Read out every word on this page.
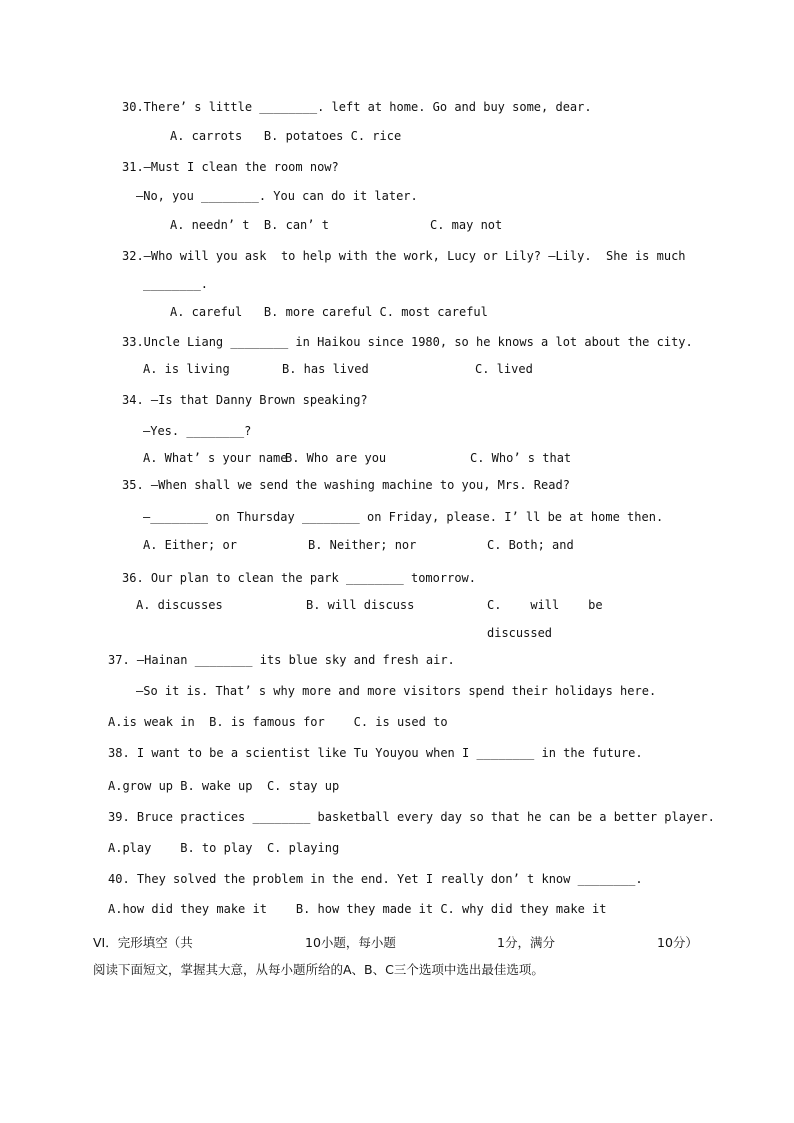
30.There’ s little ________. left at home. Go and buy some, dear.
A. carrots   B. potatoes C. rice
31.—Must I clean the room now?
—No, you ________. You can do it later.
A. needn’ t  B. can’ t	C. may not
32.—Who will you ask  to help with the work, Lucy or Lily? —Lily.  She is much
________.
A. careful   B. more careful C. most careful
33.Uncle Liang ________ in Haikou since 1980, so he knows a lot about the city.
A. is living	B. has lived	C. lived
34. —Is that Danny Brown speaking?
—Yes. ________?
A. What’ s your name
B. Who are you	C. Who’ s that
35. —When shall we send the washing machine to you, Mrs. Read?
—________ on Thursday ________ on Friday, please. I’ ll be at home then.
A. Either; or	B. Neither; nor	C. Both; and
36. Our plan to clean the park ________ tomorrow.
A. discusses	B. will discuss	C.    will    be
discussed
37. —Hainan ________ its blue sky and fresh air.
—So it is. That’ s why more and more visitors spend their holidays here.
A.is weak in  B. is famous for    C. is used to
38. I want to be a scientist like Tu Youyou when I ________ in the future.
A.grow up B. wake up  C. stay up
39. Bruce practices ________ basketball every day so that he can be a better player.
A.play    B. to play  C. playing
40. They solved the problem in the end. Yet I really don’ t know ________.
A.how did they make it    B. how they made it C. why did they make it
VI．完形填空（共	10小题，每小题	1分，满分	10分）
阅读下面短文，掌握其大意，从每小题所给的A、B、C三个选项中选出最佳选项。
